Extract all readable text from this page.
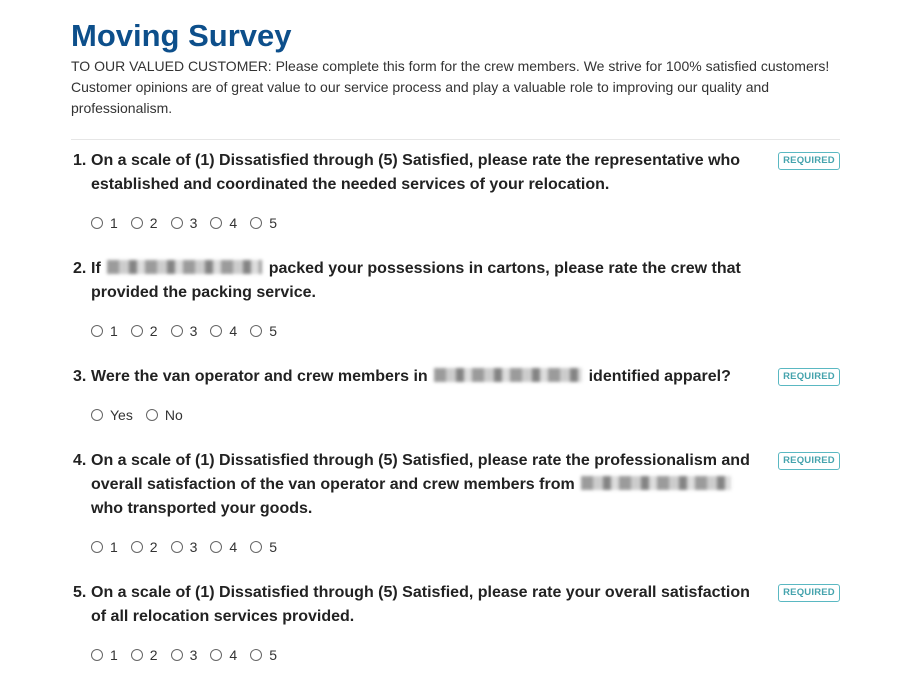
Moving Survey

TO OUR VALUED CUSTOMER: Please complete this form for the crew members. We strive for 100% satisfied customers! Customer opinions are of great value to our service process and play a valuable role to improving our quality and professionalism.

1. On a scale of (1) Dissatisfied through (5) Satisfied, please rate the representative who established and coordinated the needed services of your relocation.
REQUIRED
1 2 3 4 5
2. If	packed your possessions in cartons, please rate the crew that provided the packing service.
1 2 3 4 5
3. Were the van operator and crew members in	identified apparel?	REQUIRED
Yes No
4. On a scale of (1) Dissatisfied through (5) Satisfied, please rate the professionalism and overall satisfaction of the van operator and crew members from  who transported your goods.
REQUIRED
1 2 3 4 5
5. On a scale of (1) Dissatisfied through (5) Satisfied, please rate your overall satisfaction of all relocation services provided.
REQUIRED
1 2 3 4 5
